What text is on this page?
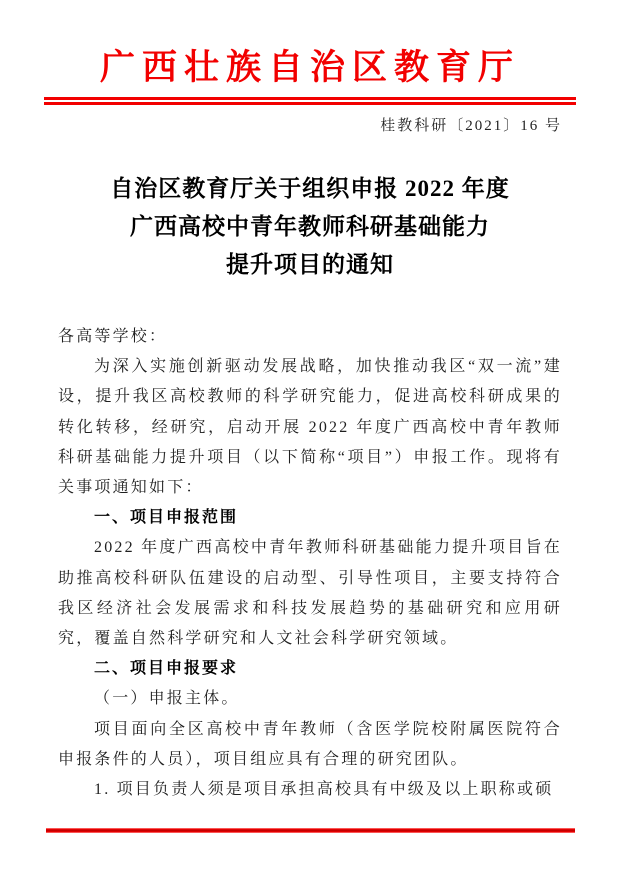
广西壮族自治区教育厅
桂教科研〔2021〕16 号
自治区教育厅关于组织申报 2022 年度
广西高校中青年教师科研基础能力
提升项目的通知

各高等学校：

为深入实施创新驱动发展战略，加快推动我区“双一流”建设，提升我区高校教师的科学研究能力，促进高校科研成果的转化转移，经研究，启动开展 2022 年度广西高校中青年教师科研基础能力提升项目（以下简称“项目”）申报工作。现将有关事项通知如下：

一、项目申报范围

2022 年度广西高校中青年教师科研基础能力提升项目旨在助推高校科研队伍建设的启动型、引导性项目，主要支持符合我区经济社会发展需求和科技发展趋势的基础研究和应用研究，覆盖自然科学研究和人文社会科学研究领域。

二、项目申报要求

（一）申报主体。

项目面向全区高校中青年教师（含医学院校附属医院符合申报条件的人员），项目组应具有合理的研究团队。

1. 项目负责人须是项目承担高校具有中级及以上职称或硕
